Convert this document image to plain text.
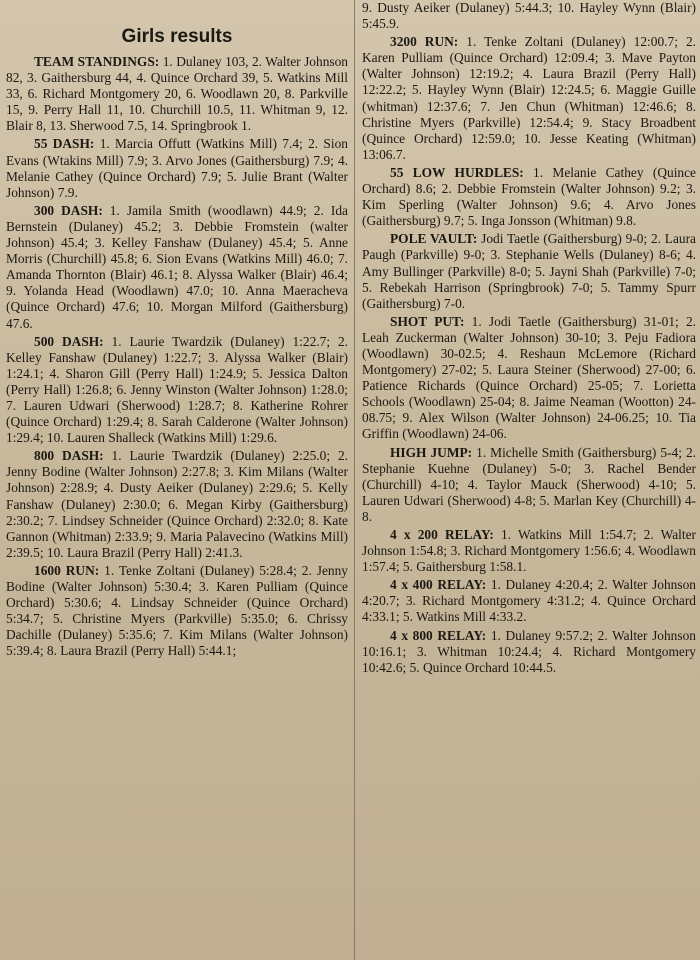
Girls results

TEAM STANDINGS: 1. Dulaney 103, 2. Walter Johnson 82, 3. Gaithersburg 44, 4. Quince Orchard 39, 5. Watkins Mill 33, 6. Richard Montgomery 20, 6. Woodlawn 20, 8. Parkville 15, 9. Perry Hall 11, 10. Churchill 10.5, 11. Whitman 9, 12. Blair 8, 13. Sherwood 7.5, 14. Springbrook 1.

55 DASH: 1. Marcia Offutt (Watkins Mill) 7.4; 2. Sion Evans (Wtakins Mill) 7.9; 3. Arvo Jones (Gaithersburg) 7.9; 4. Melanie Cathey (Quince Orchard) 7.9; 5. Julie Brant (Walter Johnson) 7.9.

300 DASH: 1. Jamila Smith (woodlawn) 44.9; 2. Ida Bernstein (Dulaney) 45.2; 3. Debbie Fromstein (walter Johnson) 45.4; 3. Kelley Fanshaw (Dulaney) 45.4; 5. Anne Morris (Churchill) 45.8; 6. Sion Evans (Watkins Mill) 46.0; 7. Amanda Thornton (Blair) 46.1; 8. Alyssa Walker (Blair) 46.4; 9. Yolanda Head (Woodlawn) 47.0; 10. Anna Maeracheva (Quince Orchard) 47.6; 10. Morgan Milford (Gaithersburg) 47.6.

500 DASH: 1. Laurie Twardzik (Dulaney) 1:22.7; 2. Kelley Fanshaw (Dulaney) 1:22.7; 3. Alyssa Walker (Blair) 1:24.1; 4. Sharon Gill (Perry Hall) 1:24.9; 5. Jessica Dalton (Perry Hall) 1:26.8; 6. Jenny Winston (Walter Johnson) 1:28.0; 7. Lauren Udwari (Sherwood) 1:28.7; 8. Katherine Rohrer (Quince Orchard) 1:29.4; 8. Sarah Calderone (Walter Johnson) 1:29.4; 10. Lauren Shalleck (Watkins Mill) 1:29.6.

800 DASH: 1. Laurie Twardzik (Dulaney) 2:25.0; 2. Jenny Bodine (Walter Johnson) 2:27.8; 3. Kim Milans (Walter Johnson) 2:28.9; 4. Dusty Aeiker (Dulaney) 2:29.6; 5. Kelly Fanshaw (Dulaney) 2:30.0; 6. Megan Kirby (Gaithersburg) 2:30.2; 7. Lindsey Schneider (Quince Orchard) 2:32.0; 8. Kate Gannon (Whitman) 2:33.9; 9. Maria Palavecino (Watkins Mill) 2:39.5; 10. Laura Brazil (Perry Hall) 2:41.3.

1600 RUN: 1. Tenke Zoltani (Dulaney) 5:28.4; 2. Jenny Bodine (Walter Johnson) 5:30.4; 3. Karen Pulliam (Quince Orchard) 5:30.6; 4. Lindsay Schneider (Quince Orchard) 5:34.7; 5. Christine Myers (Parkville) 5:35.0; 6. Chrissy Dachille (Dulaney) 5:35.6; 7. Kim Milans (Walter Johnson) 5:39.4; 8. Laura Brazil (Perry Hall) 5:44.1;

9. Dusty Aeiker (Dulaney) 5:44.3; 10. Hayley Wynn (Blair) 5:45.9.

3200 RUN: 1. Tenke Zoltani (Dulaney) 12:00.7; 2. Karen Pulliam (Quince Orchard) 12:09.4; 3. Mave Payton (Walter Johnson) 12:19.2; 4. Laura Brazil (Perry Hall) 12:22.2; 5. Hayley Wynn (Blair) 12:24.5; 6. Maggie Guille (whitman) 12:37.6; 7. Jen Chun (Whitman) 12:46.6; 8. Christine Myers (Parkville) 12:54.4; 9. Stacy Broadbent (Quince Orchard) 12:59.0; 10. Jesse Keating (Whitman) 13:06.7.

55 LOW HURDLES: 1. Melanie Cathey (Quince Orchard) 8.6; 2. Debbie Fromstein (Walter Johnson) 9.2; 3. Kim Sperling (Walter Johnson) 9.6; 4. Arvo Jones (Gaithersburg) 9.7; 5. Inga Jonsson (Whitman) 9.8.

POLE VAULT: Jodi Taetle (Gaithersburg) 9-0; 2. Laura Paugh (Parkville) 9-0; 3. Stephanie Wells (Dulaney) 8-6; 4. Amy Bullinger (Parkville) 8-0; 5. Jayni Shah (Parkville) 7-0; 5. Rebekah Harrison (Springbrook) 7-0; 5. Tammy Spurr (Gaithersburg) 7-0.

SHOT PUT: 1. Jodi Taetle (Gaithersburg) 31-01; 2. Leah Zuckerman (Walter Johnson) 30-10; 3. Peju Fadiora (Woodlawn) 30-02.5; 4. Reshaun McLemore (Richard Montgomery) 27-02; 5. Laura Steiner (Sherwood) 27-00; 6. Patience Richards (Quince Orchard) 25-05; 7. Lorietta Schools (Woodlawn) 25-04; 8. Jaime Neaman (Wootton) 24-08.75; 9. Alex Wilson (Walter Johnson) 24-06.25; 10. Tia Griffin (Woodlawn) 24-06.

HIGH JUMP: 1. Michelle Smith (Gaithersburg) 5-4; 2. Stephanie Kuehne (Dulaney) 5-0; 3. Rachel Bender (Churchill) 4-10; 4. Taylor Mauck (Sherwood) 4-10; 5. Lauren Udwari (Sherwood) 4-8; 5. Marlan Key (Churchill) 4-8.

4 x 200 RELAY: 1. Watkins Mill 1:54.7; 2. Walter Johnson 1:54.8; 3. Richard Montgomery 1:56.6; 4. Woodlawn 1:57.4; 5. Gaithersburg 1:58.1.

4 x 400 RELAY: 1. Dulaney 4:20.4; 2. Walter Johnson 4:20.7; 3. Richard Montgomery 4:31.2; 4. Quince Orchard 4:33.1; 5. Watkins Mill 4:33.2.

4 x 800 RELAY: 1. Dulaney 9:57.2; 2. Walter Johnson 10:16.1; 3. Whitman 10:24.4; 4. Richard Montgomery 10:42.6; 5. Quince Orchard 10:44.5.
